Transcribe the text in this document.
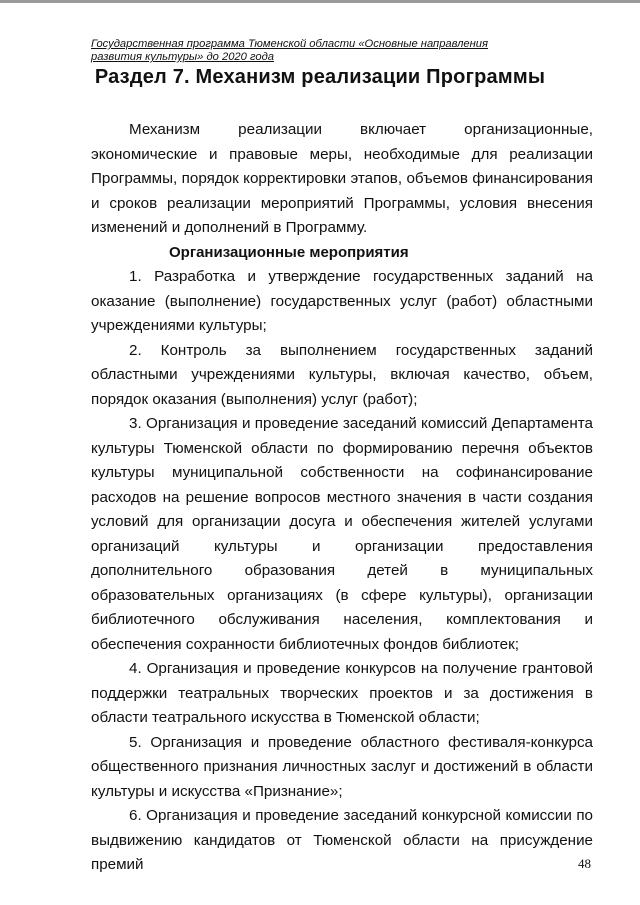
Государственная программа Тюменской области «Основные направления
развития культуры» до 2020 года
Раздел 7. Механизм реализации Программы

Механизм реализации включает организационные, экономические и правовые меры, необходимые для реализации Программы, порядок корректировки этапов, объемов финансирования и сроков реализации мероприятий Программы, условия внесения изменений и дополнений в Программу.

Организационные мероприятия

1. Разработка и утверждение государственных заданий на оказание (выполнение) государственных услуг (работ) областными учреждениями культуры;

2. Контроль за выполнением государственных заданий областными учреждениями культуры, включая качество, объем, порядок оказания (выполнения) услуг (работ);

3. Организация и проведение заседаний комиссий Департамента культуры Тюменской области по формированию перечня объектов культуры муниципальной собственности на софинансирование расходов на решение вопросов местного значения в части создания условий для организации досуга и обеспечения жителей услугами организаций культуры и организации предоставления дополнительного образования детей в муниципальных образовательных организациях (в сфере культуры), организации библиотечного обслуживания населения, комплектования и обеспечения сохранности библиотечных фондов библиотек;

4. Организация и проведение конкурсов на получение грантовой поддержки театральных творческих проектов и за достижения в области театрального искусства в Тюменской области;

5. Организация и проведение областного фестиваля-конкурса общественного признания личностных заслуг и достижений в области культуры и искусства «Признание»;

6. Организация и проведение заседаний конкурсной комиссии по выдвижению кандидатов от Тюменской области на присуждение премий	48
